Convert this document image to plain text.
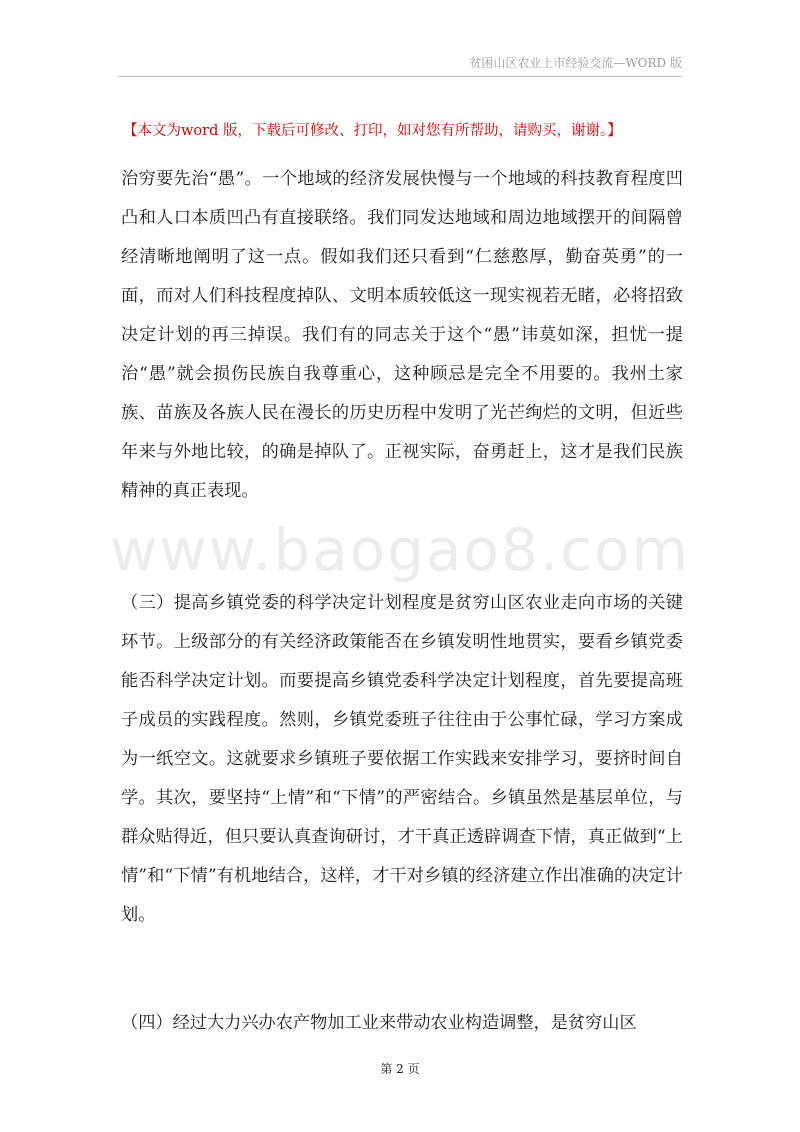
贫困山区农业上市经验交流—WORD 版
【本文为word 版，下载后可修改、打印，如对您有所帮助，请购买，谢谢。】
www.baogao8.com

治穷要先治“愚”。一个地域的经济发展快慢与一个地域的科技教育程度凹凸和人口本质凹凸有直接联络。我们同发达地域和周边地域摆开的间隔曾经清晰地阐明了这一点。假如我们还只看到“仁慈憨厚，勤奋英勇”的一面，而对人们科技程度掉队、文明本质较低这一现实视若无睹，必将招致决定计划的再三掉误。我们有的同志关于这个“愚”讳莫如深，担忧一提治“愚”就会损伤民族自我尊重心，这种顾忌是完全不用要的。我州土家族、苗族及各族人民在漫长的历史历程中发明了光芒绚烂的文明，但近些年来与外地比较，的确是掉队了。正视实际，奋勇赶上，这才是我们民族精神的真正表现。

（三）提高乡镇党委的科学决定计划程度是贫穷山区农业走向市场的关键环节。上级部分的有关经济政策能否在乡镇发明性地贯实，要看乡镇党委能否科学决定计划。而要提高乡镇党委科学决定计划程度，首先要提高班子成员的实践程度。然则，乡镇党委班子往往由于公事忙碌，学习方案成为一纸空文。这就要求乡镇班子要依据工作实践来安排学习，要挤时间自学。其次，要坚持“上情”和“下情”的严密结合。乡镇虽然是基层单位，与群众贴得近，但只要认真查询研讨，才干真正透辟调查下情，真正做到“上情”和“下情”有机地结合，这样，才干对乡镇的经济建立作出准确的决定计划。

（四）经过大力兴办农产物加工业来带动农业构造调整，是贫穷山区

第 2 页
